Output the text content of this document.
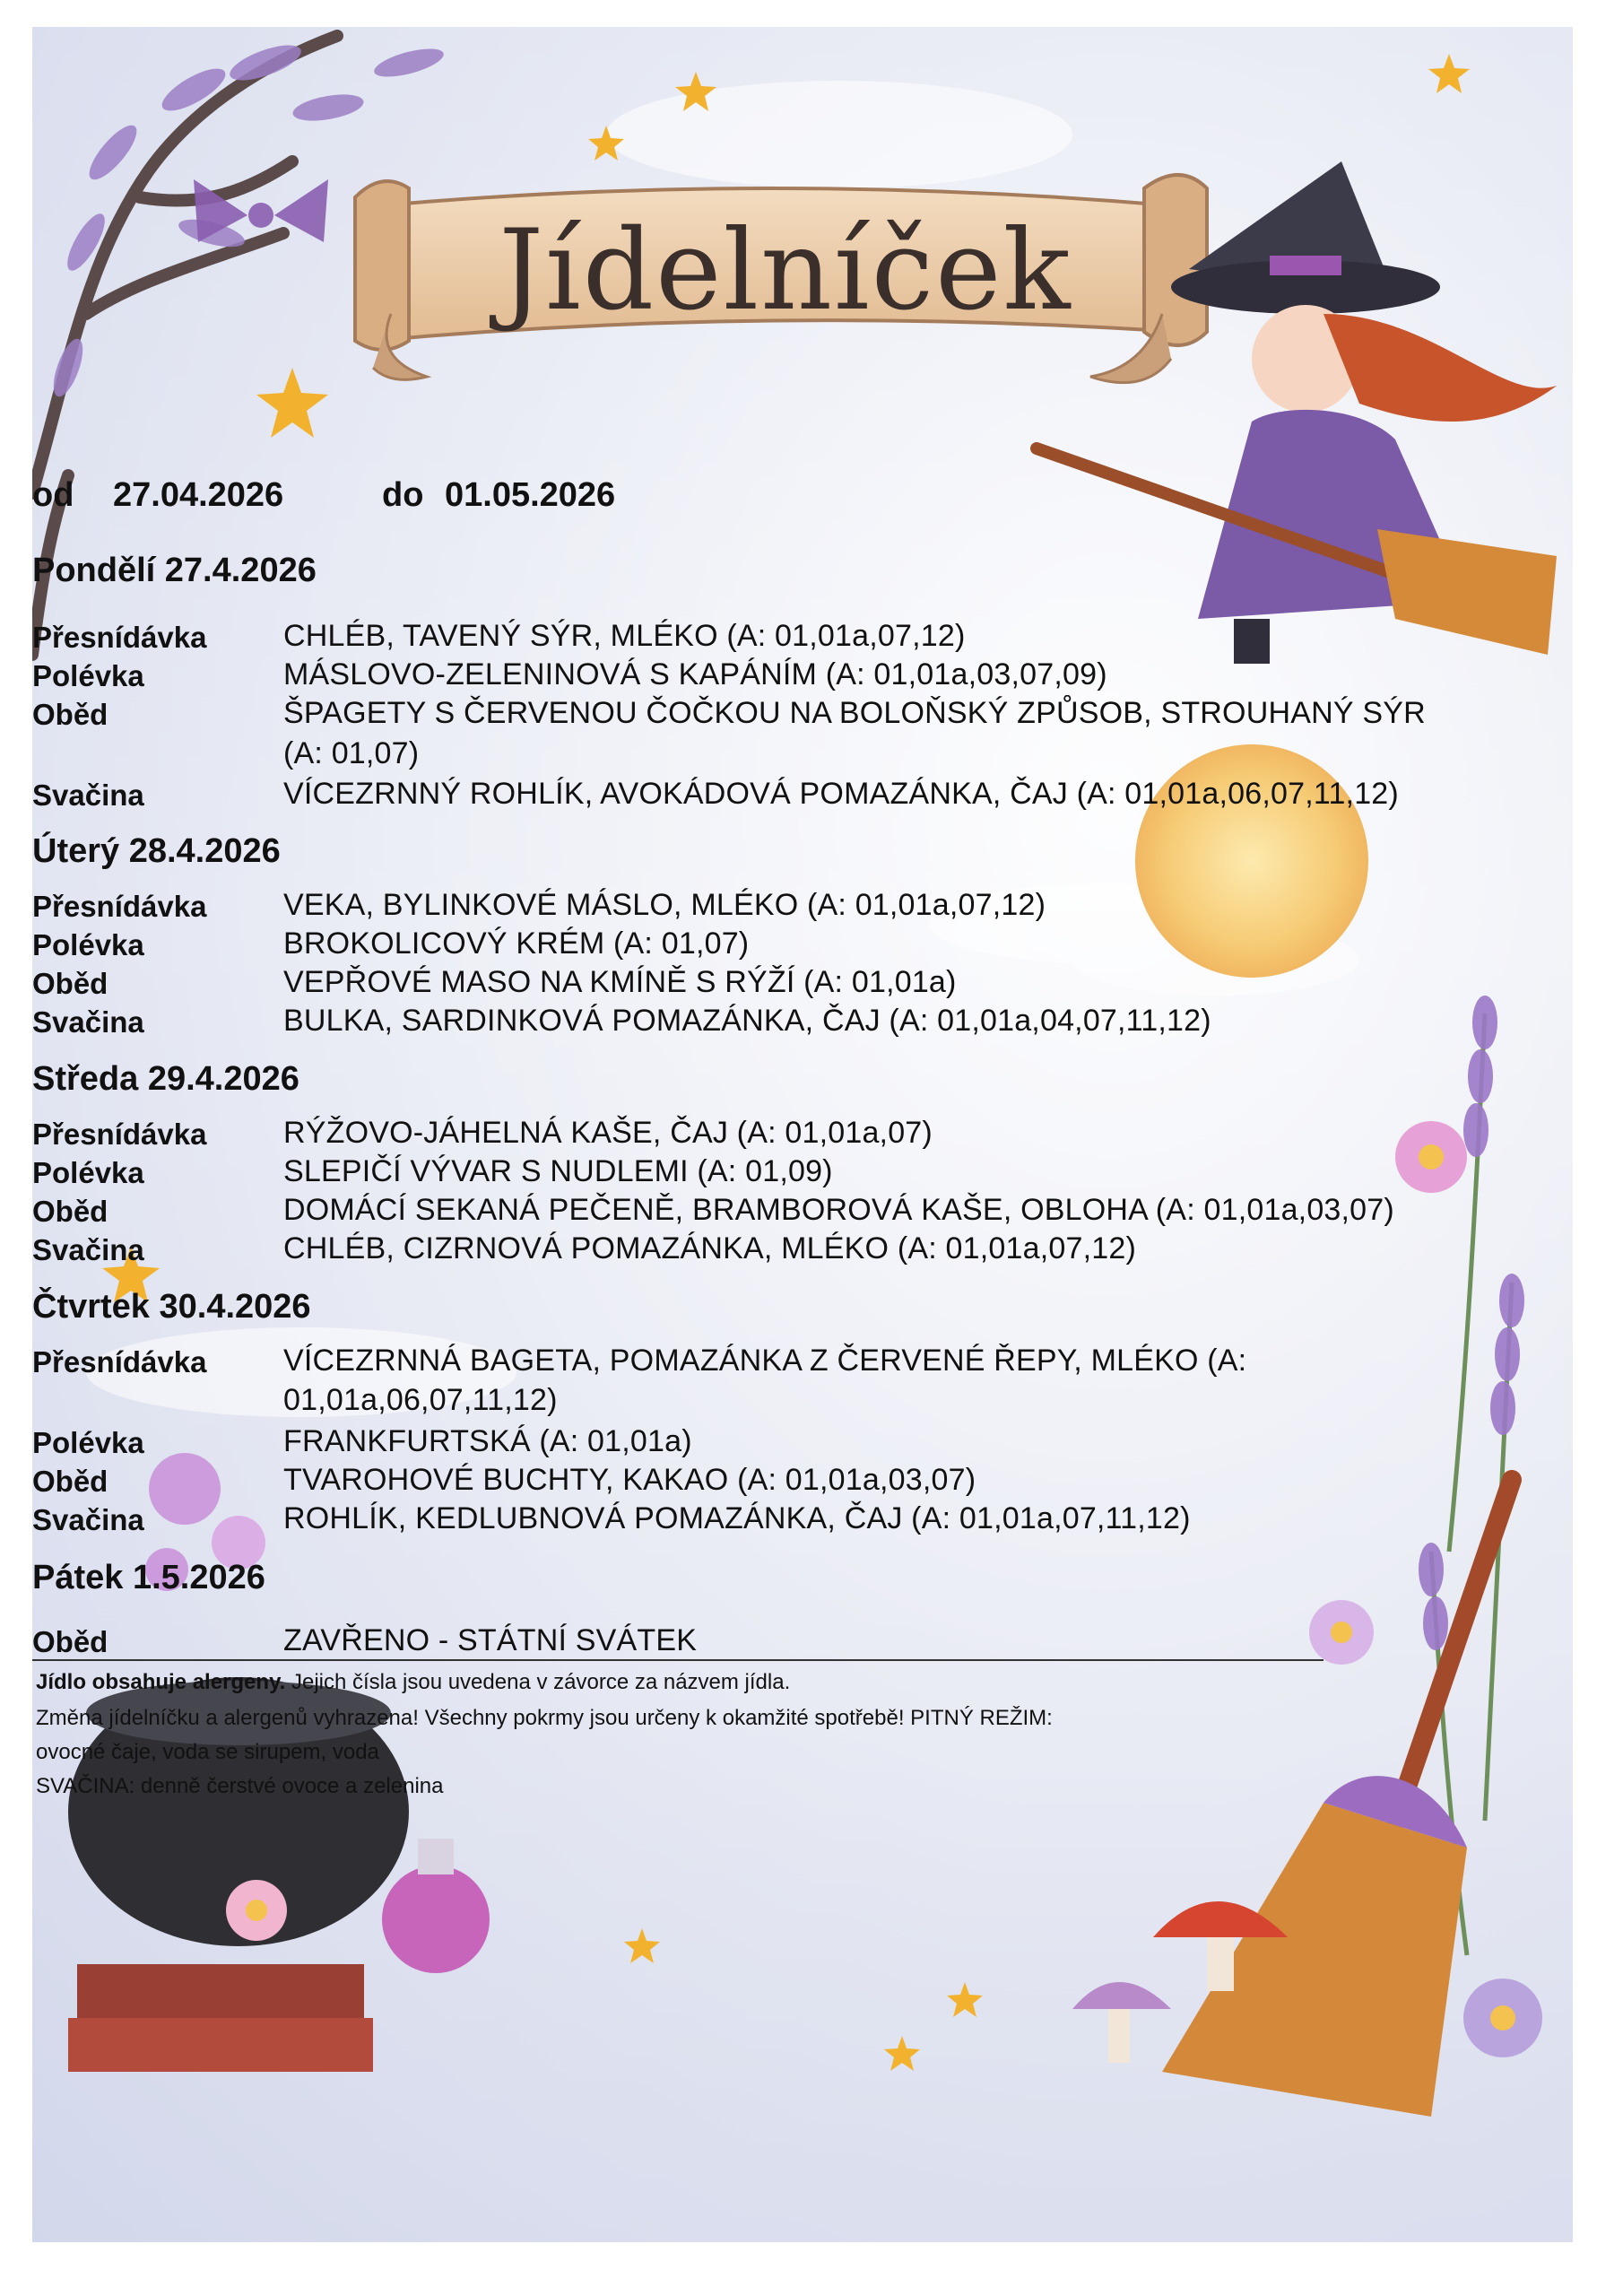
Jídelníček
od 27.04.2026	do 01.05.2026
Pondělí 27.4.2026
Přesnídávka	CHLÉB, TAVENÝ SÝR, MLÉKO (A: 01,01a,07,12)
Polévka	MÁSLOVO-ZELENINOVÁ S KAPÁNÍM (A: 01,01a,03,07,09)
Oběd	ŠPAGETY S ČERVENOU ČOČKOU NA BOLOŇSKÝ ZPŮSOB, STROUHANÝ SÝR
(A: 01,07)
Svačina	VÍCEZRNNÝ ROHLÍK, AVOKÁDOVÁ POMAZÁNKA, ČAJ (A: 01,01a,06,07,11,12)
Úterý 28.4.2026
Přesnídávka	VEKA, BYLINKOVÉ MÁSLO, MLÉKO (A: 01,01a,07,12)
Polévka	BROKOLICOVÝ KRÉM (A: 01,07)
Oběd	VEPŘOVÉ MASO NA KMÍNĚ S RÝŽÍ (A: 01,01a)
Svačina	BULKA, SARDINKOVÁ POMAZÁNKA, ČAJ (A: 01,01a,04,07,11,12)
Středa 29.4.2026
Přesnídávka	RÝŽOVO-JÁHELNÁ KAŠE, ČAJ (A: 01,01a,07)
Polévka	SLEPIČÍ VÝVAR S NUDLEMI (A: 01,09)
Oběd	DOMÁCÍ SEKANÁ PEČENĚ, BRAMBOROVÁ KAŠE, OBLOHA (A: 01,01a,03,07)
Svačina	CHLÉB, CIZRNOVÁ POMAZÁNKA, MLÉKO (A: 01,01a,07,12)
Čtvrtek 30.4.2026
Přesnídávka	VÍCEZRNNÁ BAGETA, POMAZÁNKA Z ČERVENÉ ŘEPY, MLÉKO (A:
01,01a,06,07,11,12)
Polévka	FRANKFURTSKÁ (A: 01,01a)
Oběd	TVAROHOVÉ BUCHTY, KAKAO (A: 01,01a,03,07)
Svačina	ROHLÍK, KEDLUBNOVÁ POMAZÁNKA, ČAJ (A: 01,01a,07,11,12)
Pátek 1.5.2026
Oběd	ZAVŘENO - STÁTNÍ SVÁTEK
Jídlo obsahuje alergeny. Jejich čísla jsou uvedena v závorce za názvem jídla.
Změna jídelníčku a alergenů vyhrazena! Všechny pokrmy jsou určeny k okamžité spotřebě! PITNÝ REŽIM:
ovocné čaje, voda se sirupem, voda
SVAČINA: denně čerstvé ovoce a zelenina
